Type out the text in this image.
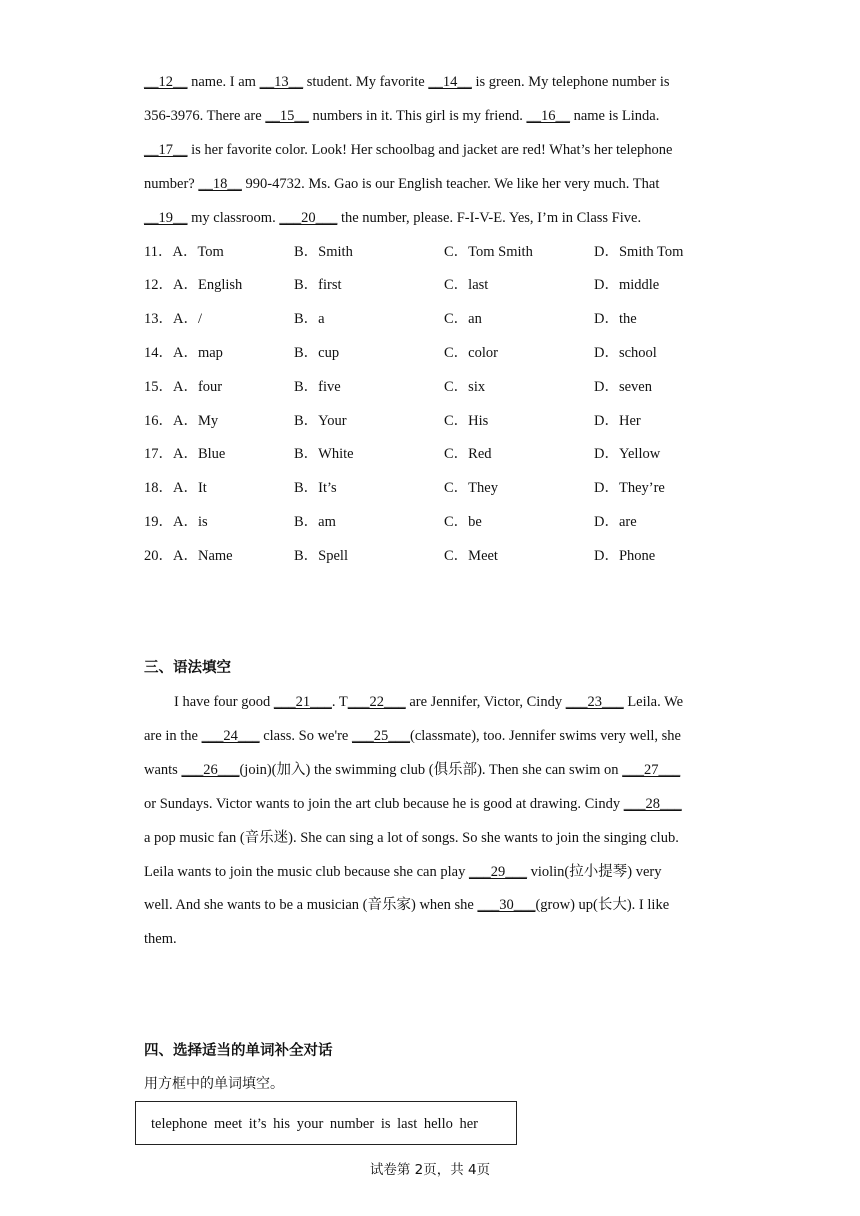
__12__ name. I am __13__ student. My favorite __14__ is green. My telephone number is
356-3976. There are __15__ numbers in it. This girl is my friend. __16__ name is Linda.
__17__ is her favorite color. Look! Her schoolbag and jacket are red! What’s her telephone
number? __18__ 990-4732. Ms. Gao is our English teacher. We like her very much. That
__19__ my classroom. ___20___ the number, please. F-I-V-E. Yes, I’m in Class Five.
11．A．Tom	B．Smith	C．Tom Smith	D．Smith Tom
12．A．English	B．first	C．last	D．middle
13．A．/	B．a	C．an	D．the
14．A．map	B．cup	C．color	D．school
15．A．four	B．five	C．six	D．seven
16．A．My	B．Your	C．His	D．Her
17．A．Blue	B．White	C．Red	D．Yellow
18．A．It	B．It’s	C．They	D．They’re
19．A．is	B．am	C．be	D．are
20．A．Name	B．Spell	C．Meet	D．Phone
三、语法填空
I have four good ___21___. T___22___ are Jennifer, Victor, Cindy ___23___ Leila. We
are in the ___24___ class. So we're ___25___(classmate), too. Jennifer swims very well, she
wants ___26___(join)(加入) the swimming club (俱乐部). Then she can swim on ___27___
or Sundays. Victor wants to join the art club because he is good at drawing. Cindy ___28___
a pop music fan (音乐迷). She can sing a lot of songs. So she wants to join the singing club.
Leila wants to join the music club because she can play ___29___ violin(拉小提琴) very
well. And she wants to be a musician (音乐家) when she ___30___(grow) up(长大). I like
them.
四、选择适当的单词补全对话
用方框中的单词填空。
telephone meet it’s his your number is last hello her
试卷第 2页，共 4页
